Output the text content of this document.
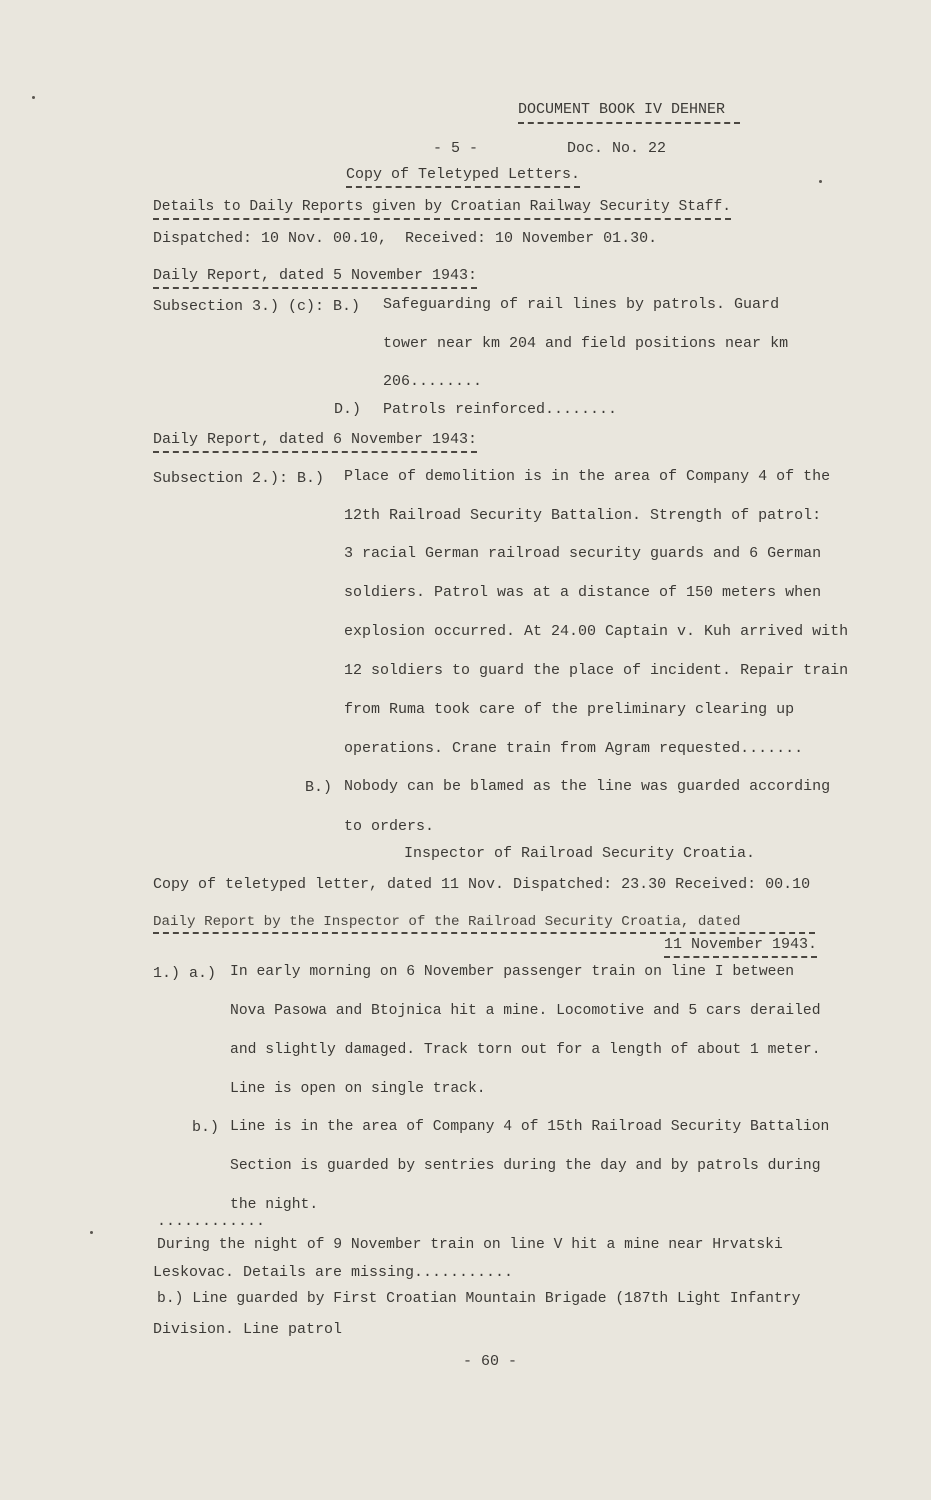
DOCUMENT BOOK IV DEHNER
- 5 -	Doc. No. 22
Copy of Teletyped Letters.
Details to Daily Reports given by Croatian Railway Security Staff.
Dispatched: 10 Nov. 00.10,  Received: 10 November 01.30.
Daily Report, dated 5 November 1943:
Subsection 3.) (c): B.) Safeguarding of rail lines by patrols. Guard
tower near km 204 and field positions near km
206........
D.) Patrols reinforced........
Daily Report, dated 6 November 1943:
Subsection 2.): B.) Place of demolition is in the area of Company 4 of the
12th Railroad Security Battalion. Strength of patrol:
3 racial German railroad security guards and 6 German
soldiers. Patrol was at a distance of 150 meters when
explosion occurred. At 24.00 Captain v. Kuh arrived with
12 soldiers to guard the place of incident. Repair train
from Ruma took care of the preliminary clearing up
operations. Crane train from Agram requested.......
B.) Nobody can be blamed as the line was guarded according
to orders.
Inspector of Railroad Security Croatia.
Copy of teletyped letter, dated 11 Nov. Dispatched: 23.30 Received: 00.10
Daily Report by the Inspector of the Railroad Security Croatia, dated
11 November 1943.
1.) a.) In early morning on 6 November passenger train on line I between
Nova Pasowa and Btojnica hit a mine. Locomotive and 5 cars derailed
and slightly damaged. Track torn out for a length of about 1 meter.
Line is open on single track.
b.) Line is in the area of Company 4 of 15th Railroad Security Battalion
Section is guarded by sentries during the day and by patrols during
the night.
............
During the night of 9 November train on line V hit a mine near Hrvatski
Leskovac. Details are missing...........
b.) Line guarded by First Croatian Mountain Brigade (187th Light Infantry
Division. Line patrol
- 60 -
